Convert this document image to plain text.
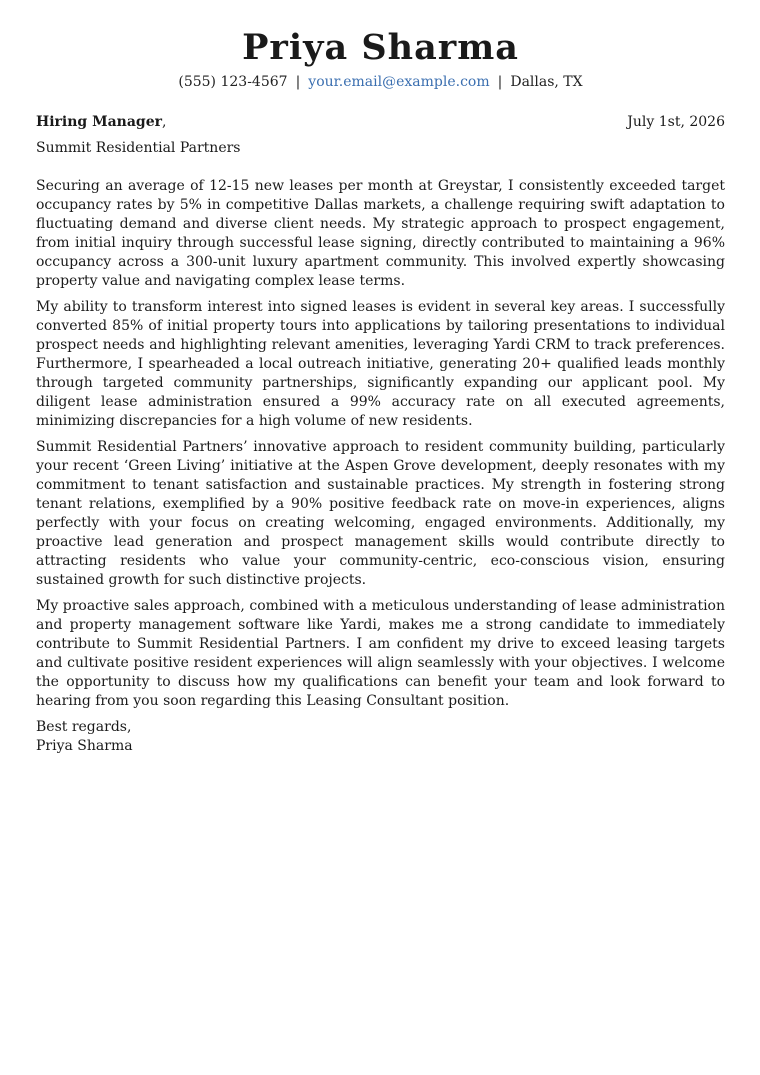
Priya Sharma
(555) 123-4567 | your.email@example.com | Dallas, TX
Hiring Manager,	July 1st, 2026
Summit Residential Partners

Securing an average of 12-15 new leases per month at Greystar, I consistently exceeded target occupancy rates by 5% in competitive Dallas markets, a challenge requiring swift adaptation to fluctuating demand and diverse client needs. My strategic approach to prospect engagement, from initial inquiry through successful lease signing, directly contributed to maintaining a 96% occupancy across a 300-unit luxury apartment community. This involved expertly showcasing property value and navigating complex lease terms.

My ability to transform interest into signed leases is evident in several key areas. I successfully converted 85% of initial property tours into applications by tailoring presentations to individual prospect needs and highlighting relevant amenities, leveraging Yardi CRM to track preferences. Furthermore, I spearheaded a local outreach initiative, generating 20+ qualified leads monthly through targeted community partnerships, significantly expanding our applicant pool. My diligent lease administration ensured a 99% accuracy rate on all executed agreements, minimizing discrepancies for a high volume of new residents.

Summit Residential Partners’ innovative approach to resident community building, particularly your recent ‘Green Living’ initiative at the Aspen Grove development, deeply resonates with my commitment to tenant satisfaction and sustainable practices. My strength in fostering strong tenant relations, exemplified by a 90% positive feedback rate on move-in experiences, aligns perfectly with your focus on creating welcoming, engaged environments. Additionally, my proactive lead generation and prospect management skills would contribute directly to attracting residents who value your community-centric, eco-conscious vision, ensuring sustained growth for such distinctive projects.

My proactive sales approach, combined with a meticulous understanding of lease administration and property management software like Yardi, makes me a strong candidate to immediately contribute to Summit Residential Partners. I am confident my drive to exceed leasing targets and cultivate positive resident experiences will align seamlessly with your objectives. I welcome the opportunity to discuss how my qualifications can benefit your team and look forward to hearing from you soon regarding this Leasing Consultant position.

Best regards,
Priya Sharma
